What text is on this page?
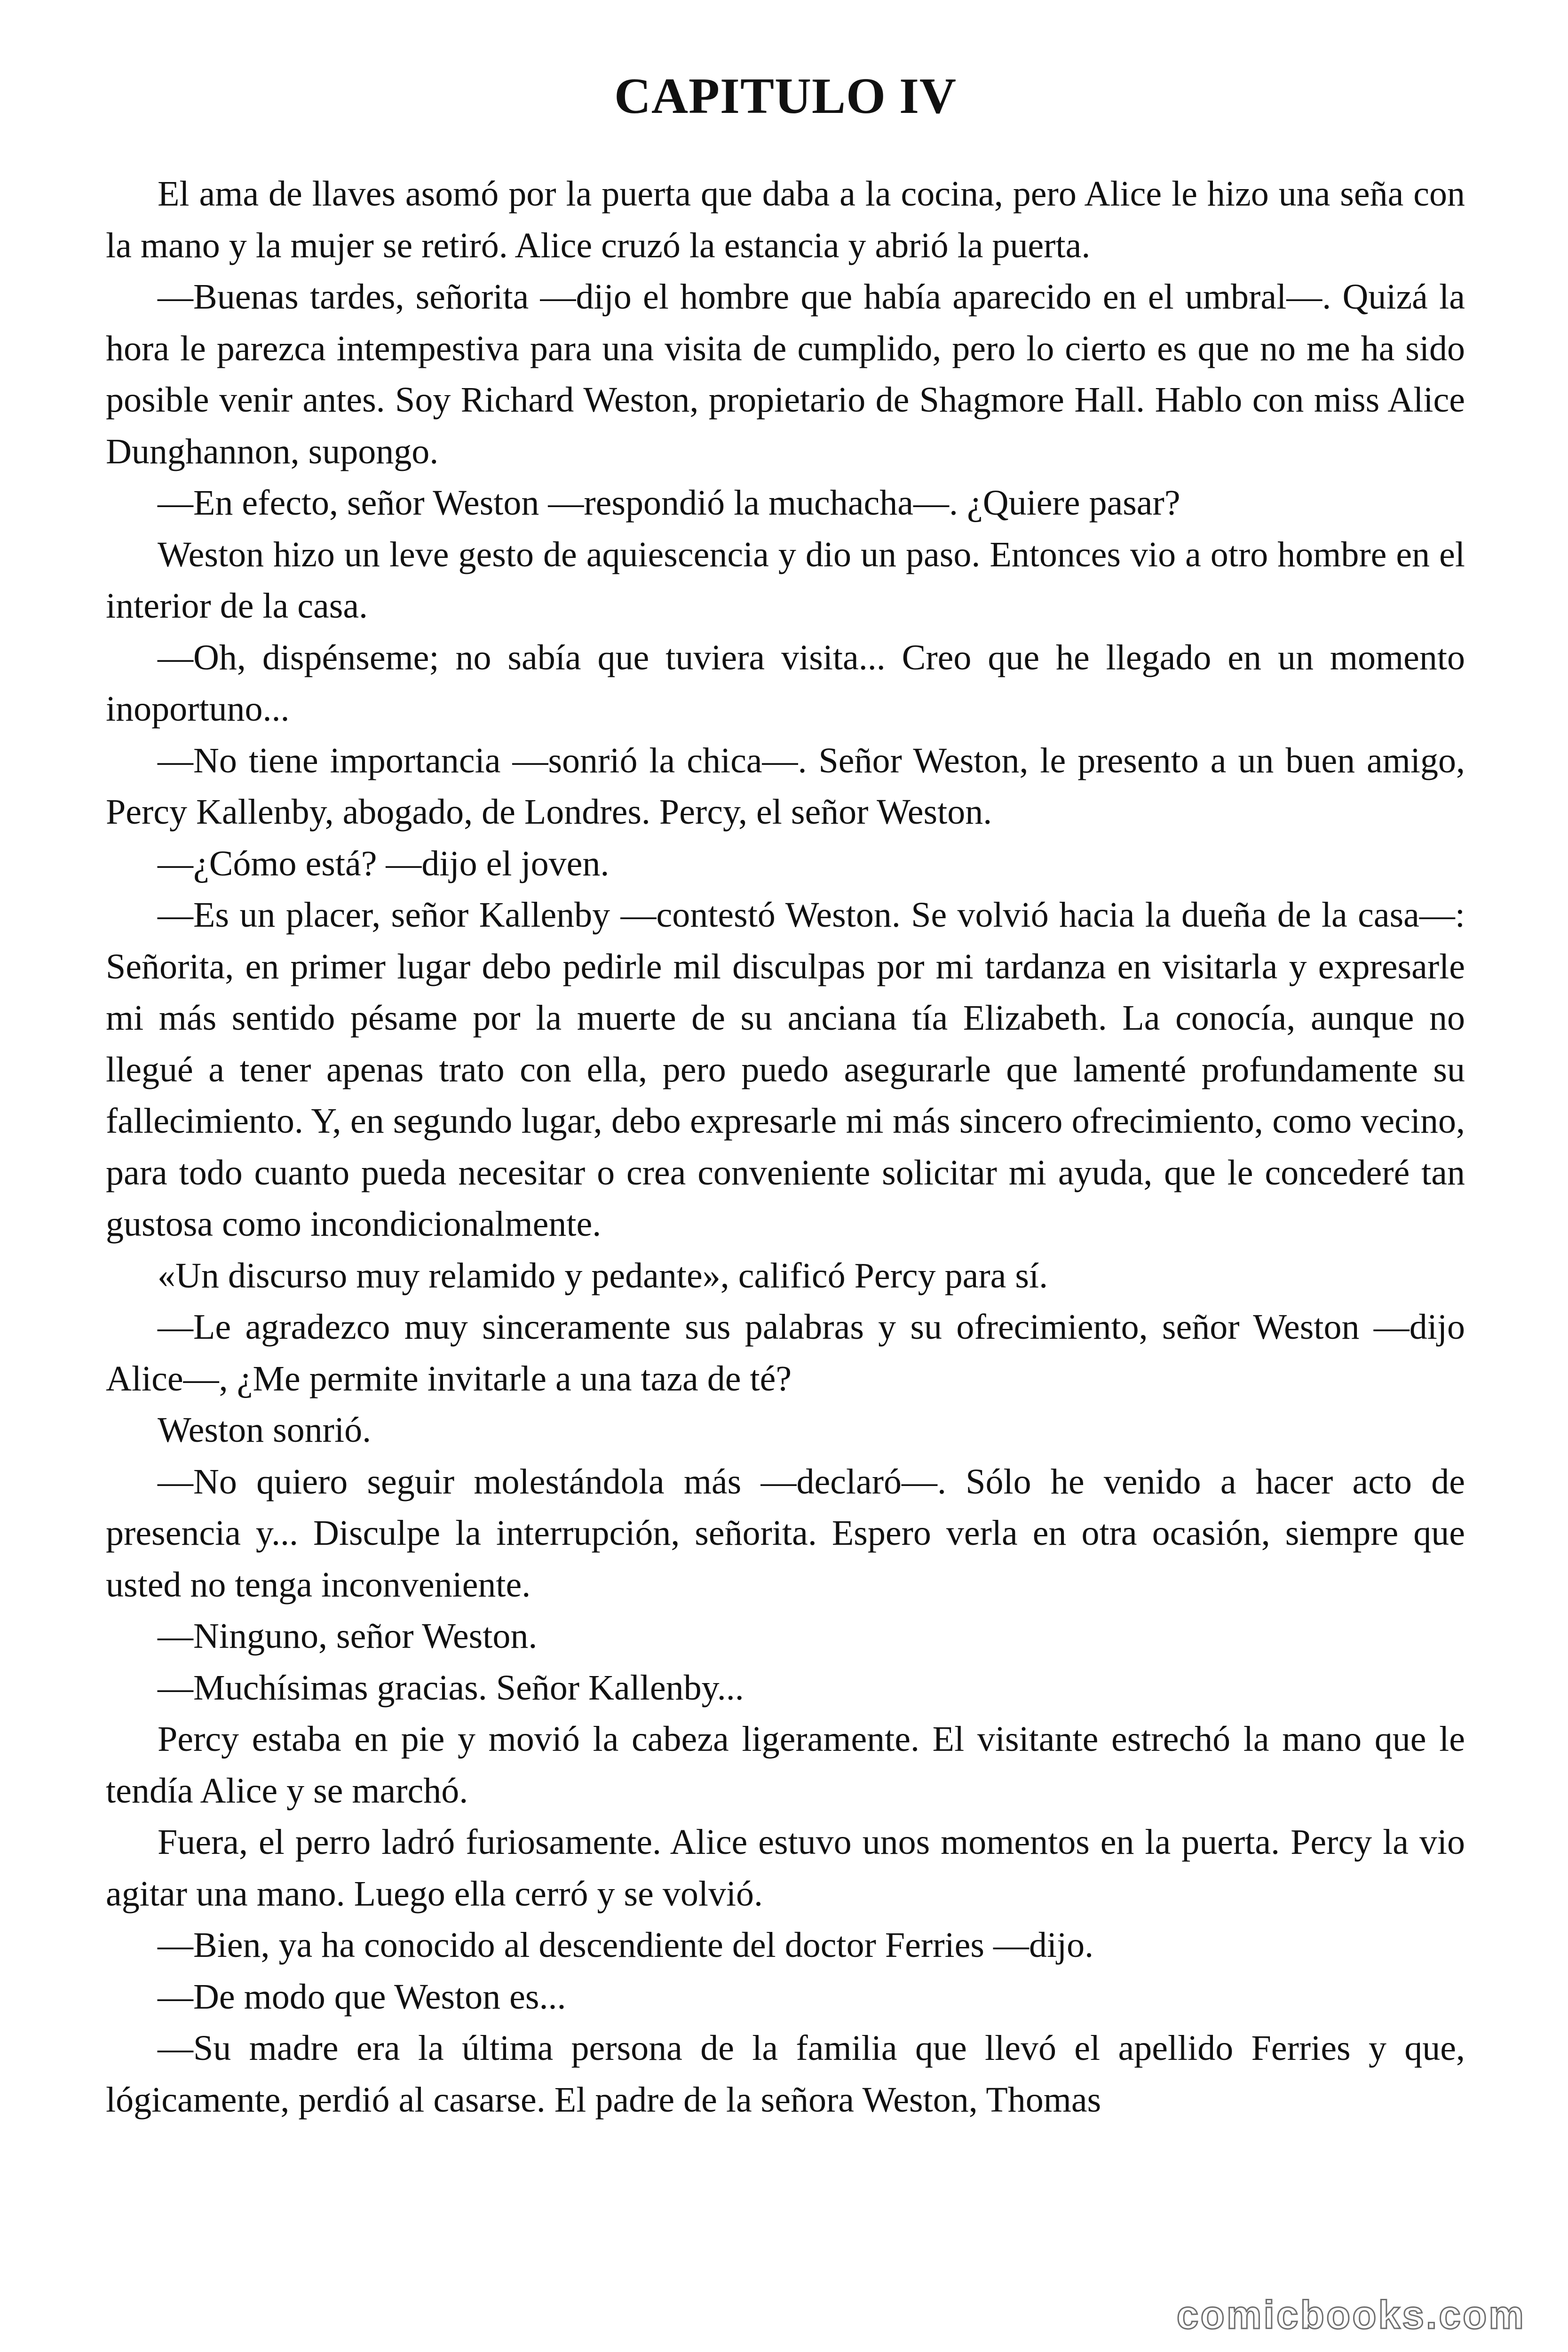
CAPITULO IV

El ama de llaves asomó por la puerta que daba a la cocina, pero Alice le hizo una seña con la mano y la mujer se retiró. Alice cruzó la estancia y abrió la puerta.

—Buenas tardes, señorita —dijo el hombre que había aparecido en el umbral—. Quizá la hora le parezca intempestiva para una visita de cumplido, pero lo cierto es que no me ha sido posible venir antes. Soy Richard Weston, propietario de Shagmore Hall. Hablo con miss Alice Dunghannon, supongo.

—En efecto, señor Weston —respondió la muchacha—. ¿Quiere pasar?

Weston hizo un leve gesto de aquiescencia y dio un paso. Entonces vio a otro hombre en el interior de la casa.

—Oh, dispénseme; no sabía que tuviera visita... Creo que he llegado en un momento inoportuno...

—No tiene importancia —sonrió la chica—. Señor Weston, le presento a un buen amigo, Percy Kallenby, abogado, de Londres. Percy, el señor Weston.

—¿Cómo está? —dijo el joven.

—Es un placer, señor Kallenby —contestó Weston. Se volvió hacia la dueña de la casa—: Señorita, en primer lugar debo pedirle mil disculpas por mi tardanza en visitarla y expresarle mi más sentido pésame por la muerte de su anciana tía Elizabeth. La conocía, aunque no llegué a tener apenas trato con ella, pero puedo asegurarle que lamenté profundamente su fallecimiento. Y, en segundo lugar, debo expresarle mi más sincero ofrecimiento, como vecino, para todo cuanto pueda necesitar o crea conveniente solicitar mi ayuda, que le concederé tan gustosa como incondicionalmente.

«Un discurso muy relamido y pedante», calificó Percy para sí.

—Le agradezco muy sinceramente sus palabras y su ofrecimiento, señor Weston —dijo Alice—, ¿Me permite invitarle a una taza de té?

Weston sonrió.

—No quiero seguir molestándola más —declaró—. Sólo he venido a hacer acto de presencia y... Disculpe la interrupción, señorita. Espero verla en otra ocasión, siempre que usted no tenga inconveniente.

—Ninguno, señor Weston.

—Muchísimas gracias. Señor Kallenby...

Percy estaba en pie y movió la cabeza ligeramente. El visitante estrechó la mano que le tendía Alice y se marchó.

Fuera, el perro ladró furiosamente. Alice estuvo unos momentos en la puerta. Percy la vio agitar una mano. Luego ella cerró y se volvió.

—Bien, ya ha conocido al descendiente del doctor Ferries —dijo.

—De modo que Weston es...

—Su madre era la última persona de la familia que llevó el apellido Ferries y que, lógicamente, perdió al casarse. El padre de la señora Weston, Thomas

comicbooks.com
